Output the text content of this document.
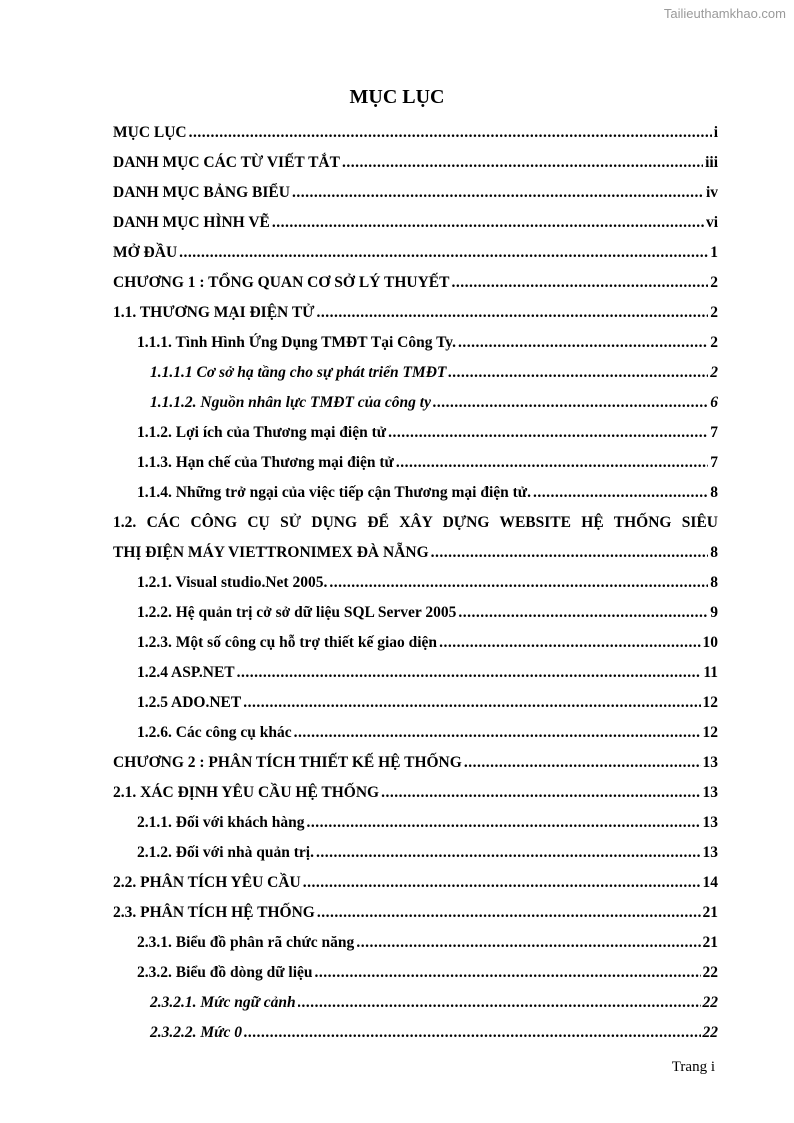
Tailieuthamkhao.com
MỤC LỤC
MỤC LỤC .....	i
DANH MỤC CÁC TỪ VIẾT TẮT .....	iii
DANH MỤC BẢNG BIỂU .....	iv
DANH MỤC HÌNH VẼ .....	vi
MỞ ĐẦU .....	1
CHƯƠNG 1 : TỔNG QUAN CƠ SỞ LÝ THUYẾT .....	2
1.1. THƯƠNG MẠI ĐIỆN TỬ .....	2
1.1.1. Tình Hình Ứng Dụng TMĐT Tại Công Ty. .....	2
1.1.1.1 Cơ sở hạ tầng cho sự phát triển TMĐT .....	2
1.1.1.2. Nguồn nhân lực TMĐT của công ty .....	6
1.1.2. Lợi ích của Thương mại điện tử .....	7
1.1.3. Hạn chế của Thương mại điện tử .....	7
1.1.4. Những trở ngại của việc tiếp cận Thương mại điện tử. .....	8
1.2. CÁC CÔNG CỤ SỬ DỤNG ĐỂ XÂY DỰNG WEBSITE HỆ THỐNG SIÊU
THỊ ĐIỆN MÁY VIETTRONIMEX ĐÀ NẴNG .....	8
1.2.1. Visual studio.Net 2005. .....	8
1.2.2. Hệ quản trị cở sở dữ liệu SQL Server 2005 .....	9
1.2.3. Một số công cụ hỗ trợ thiết kế giao diện .....	10
1.2.4 ASP.NET .....	11
1.2.5 ADO.NET .....	12
1.2.6. Các công cụ khác .....	12
CHƯƠNG 2 : PHÂN TÍCH THIẾT KẾ HỆ THỐNG .....	13
2.1. XÁC ĐỊNH YÊU CẦU HỆ THỐNG .....	13
2.1.1. Đối với khách hàng .....	13
2.1.2. Đối với nhà quản trị. .....	13
2.2. PHÂN TÍCH YÊU CẦU .....	14
2.3. PHÂN TÍCH HỆ THỐNG .....	21
2.3.1. Biểu đồ phân rã chức năng .....	21
2.3.2. Biểu đồ dòng dữ liệu .....	22
2.3.2.1. Mức ngữ cảnh .....	22
2.3.2.2. Mức 0 .....	22
Trang i
